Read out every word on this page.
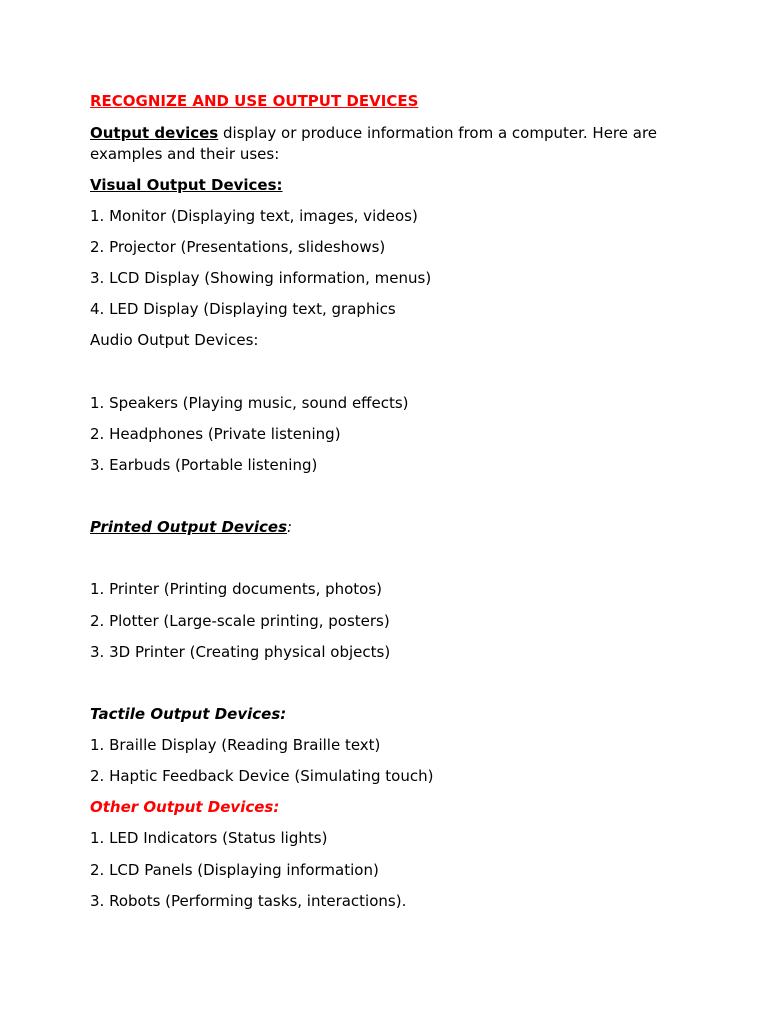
RECOGNIZE AND USE OUTPUT DEVICES
Output devices display or produce information from a computer. Here are examples and their uses:
Visual Output Devices:
1. Monitor (Displaying text, images, videos)
2. Projector (Presentations, slideshows)
3. LCD Display (Showing information, menus)
4. LED Display (Displaying text, graphics
Audio Output Devices:
1. Speakers (Playing music, sound effects)
2. Headphones (Private listening)
3. Earbuds (Portable listening)
Printed Output Devices:
1. Printer (Printing documents, photos)
2. Plotter (Large-scale printing, posters)
3. 3D Printer (Creating physical objects)
Tactile Output Devices:
1. Braille Display (Reading Braille text)
2. Haptic Feedback Device (Simulating touch)
Other Output Devices:
1. LED Indicators (Status lights)
2. LCD Panels (Displaying information)
3. Robots (Performing tasks, interactions).
